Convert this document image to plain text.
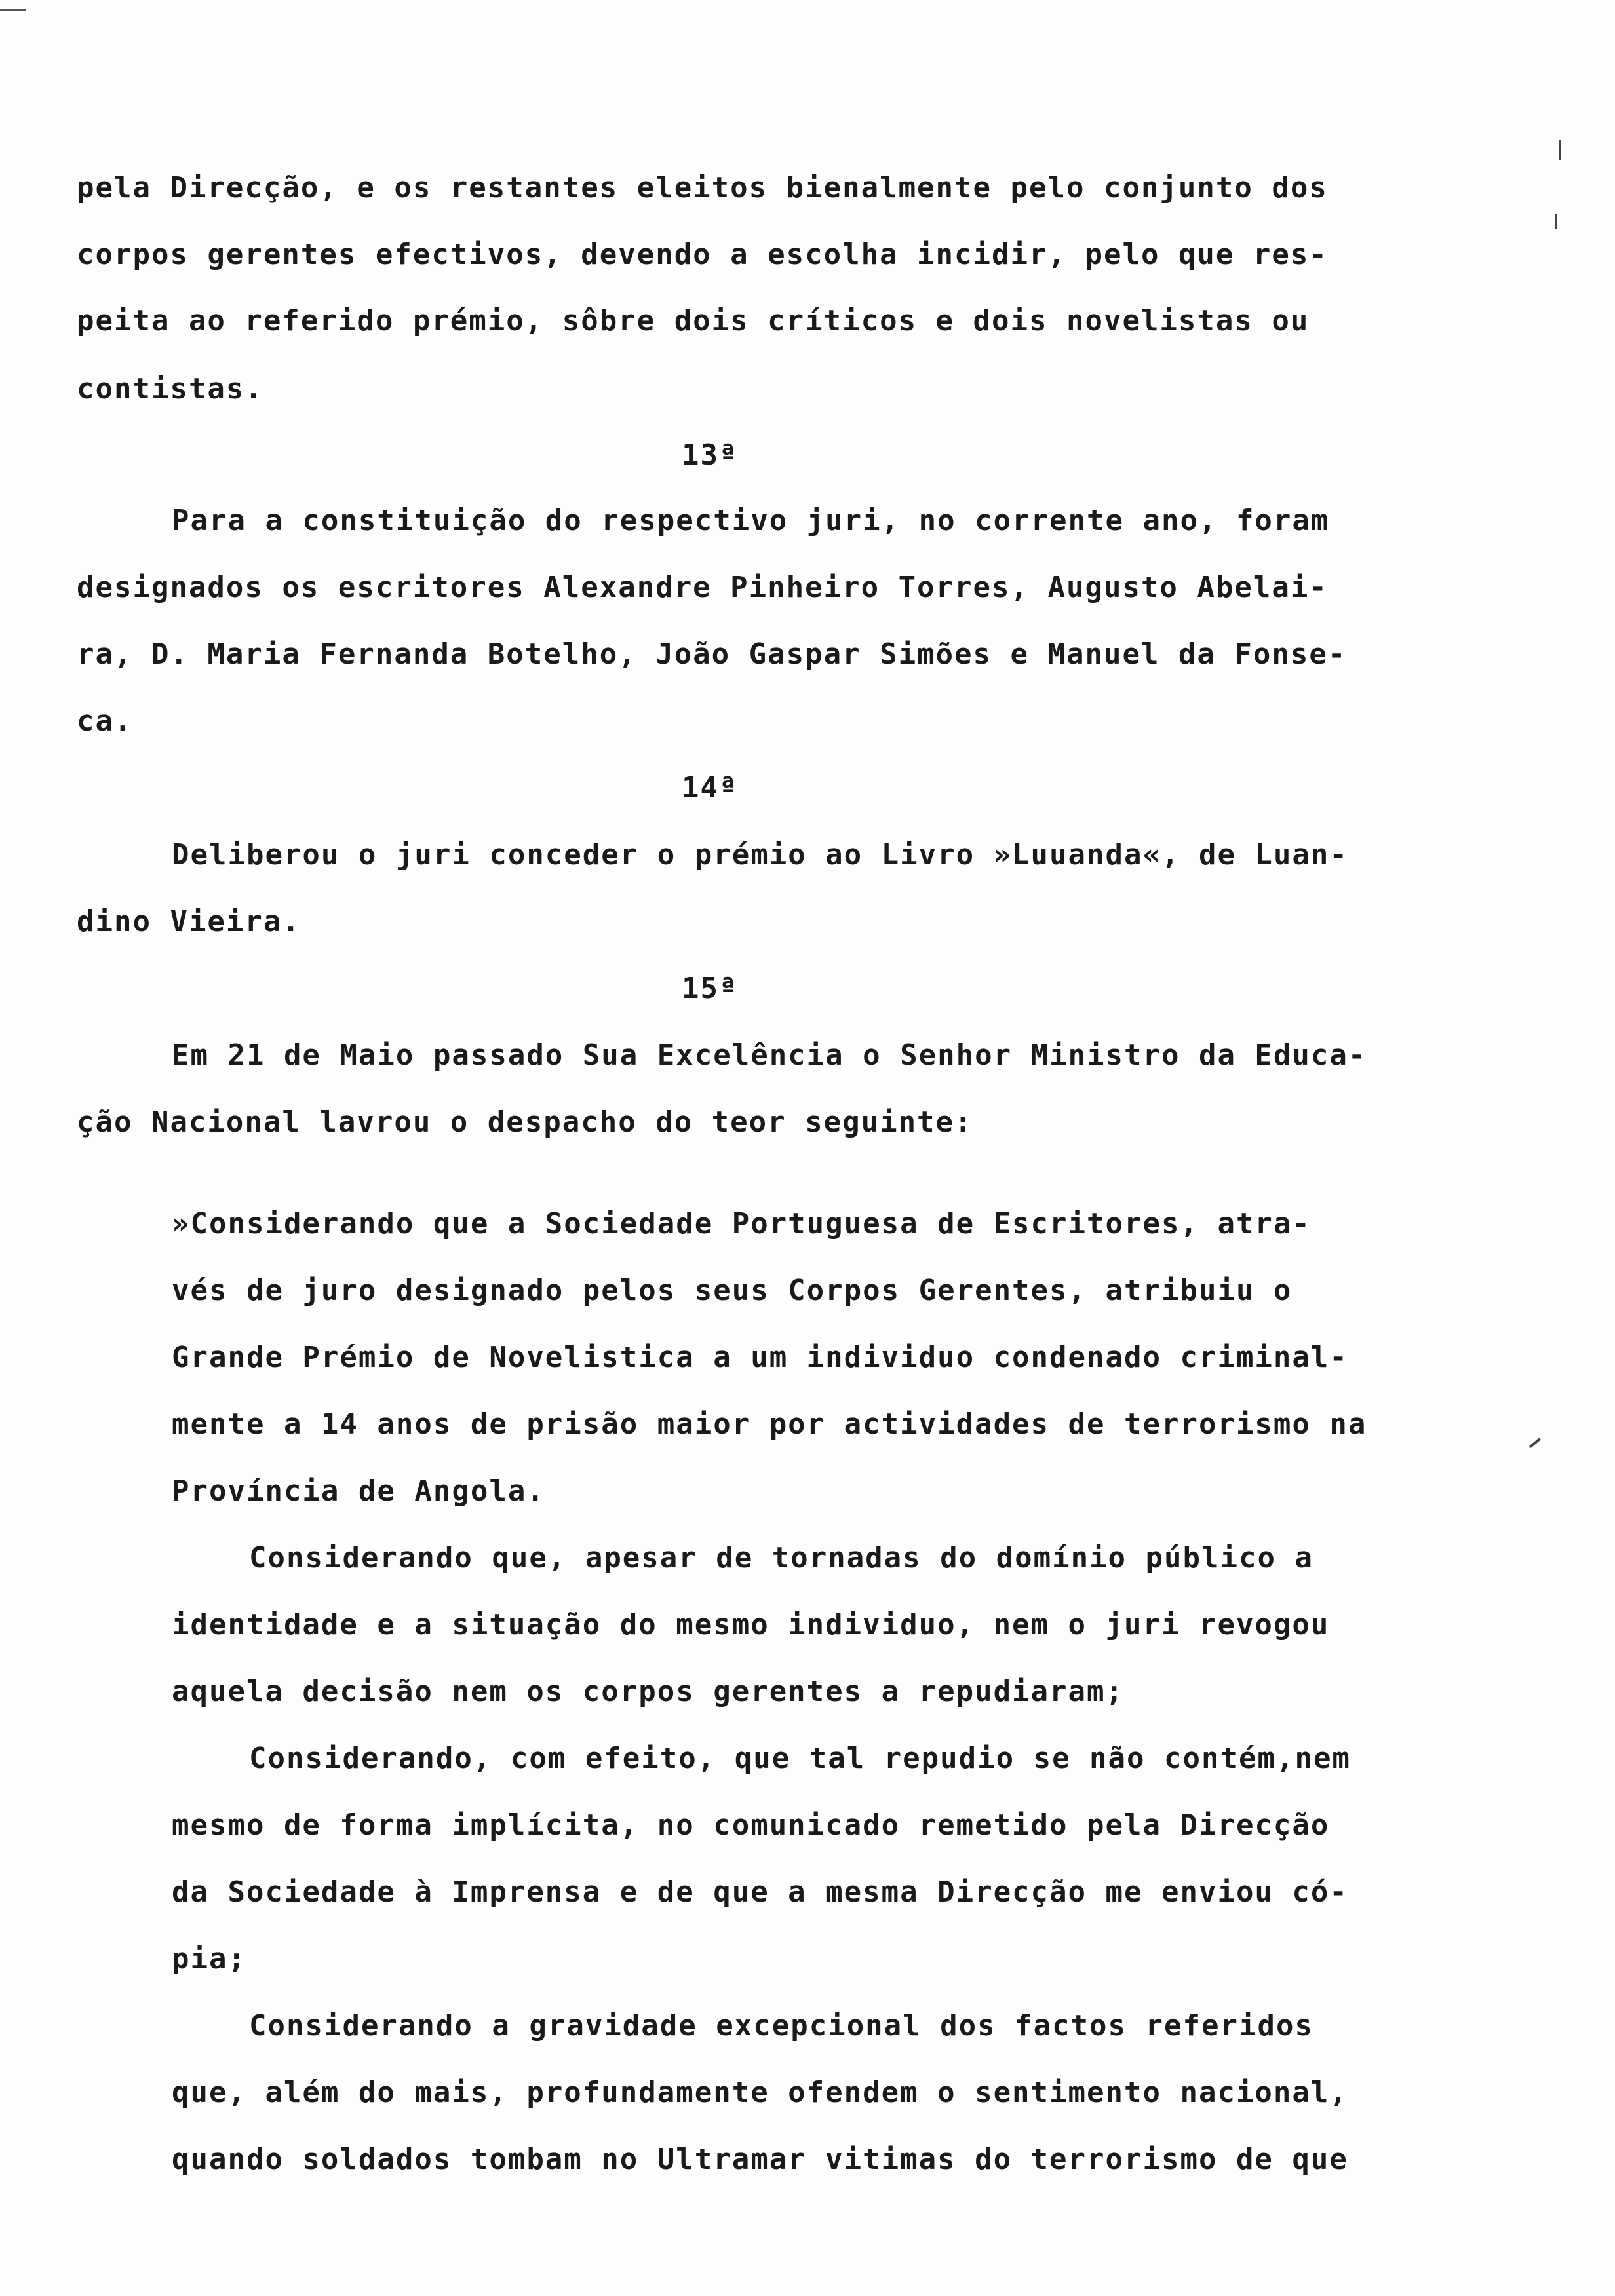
pela Direcção, e os restantes eleitos bienalmente pelo conjunto dos
corpos gerentes efectivos, devendo a escolha incidir, pelo que res-
peita ao referido prémio, sôbre dois críticos e dois novelistas ou
contistas.
13ª
Para a constituição do respectivo juri, no corrente ano, foram
designados os escritores Alexandre Pinheiro Torres, Augusto Abelai-
ra, D. Maria Fernanda Botelho, João Gaspar Simões e Manuel da Fonse-
ca.
14ª
Deliberou o juri conceder o prémio ao Livro »Luuanda«, de Luan-
dino Vieira.
15ª
Em 21 de Maio passado Sua Excelência o Senhor Ministro da Educa-
ção Nacional lavrou o despacho do teor seguinte:
»Considerando que a Sociedade Portuguesa de Escritores, atra-
vés de juro designado pelos seus Corpos Gerentes, atribuiu o
Grande Prémio de Novelistica a um individuo condenado criminal-
mente a 14 anos de prisão maior por actividades de terrorismo na
Província de Angola.
Considerando que, apesar de tornadas do domínio público a
identidade e a situação do mesmo individuo, nem o juri revogou
aquela decisão nem os corpos gerentes a repudiaram;
Considerando, com efeito, que tal repudio se não contém,nem
mesmo de forma implícita, no comunicado remetido pela Direcção
da Sociedade à Imprensa e de que a mesma Direcção me enviou có-
pia;
Considerando a gravidade excepcional dos factos referidos
que, além do mais, profundamente ofendem o sentimento nacional,
quando soldados tombam no Ultramar vitimas do terrorismo de que
